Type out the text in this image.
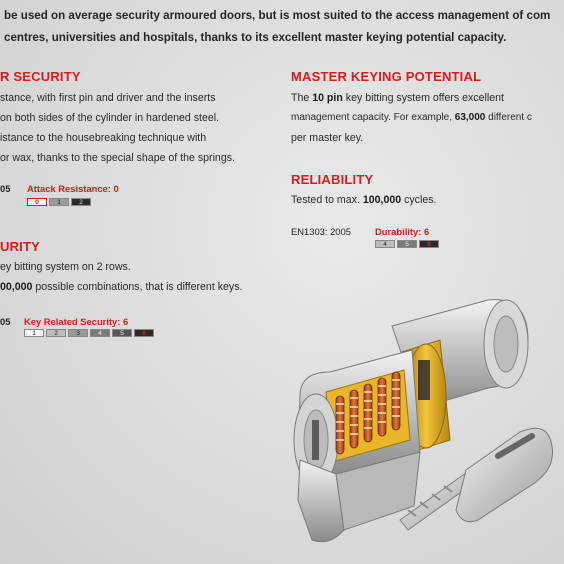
be used on average security armoured doors, but is most suited to the access management of com
centres, universities and hospitals, thanks to its excellent master keying potential capacity.
R SECURITY
stance, with first pin and driver and the inserts
on both sides of the cylinder in hardened steel.
istance to the housebreaking technique with
or wax, thanks to the special shape of the springs.
05 Attack Resistance: 0
0	1	2
URITY
ey bitting system on 2 rows.
00,000 possible combinations, that is different keys.
05 Key Related Security: 6
1	2	3	4	5	6
MASTER KEYING POTENTIAL
The 10 pin key bitting system offers excellent
management capacity. For example, 63,000 different c
per master key.
RELIABILITY
Tested to max. 100,000 cycles.
EN1303: 2005	Durability: 6
4	5	6
